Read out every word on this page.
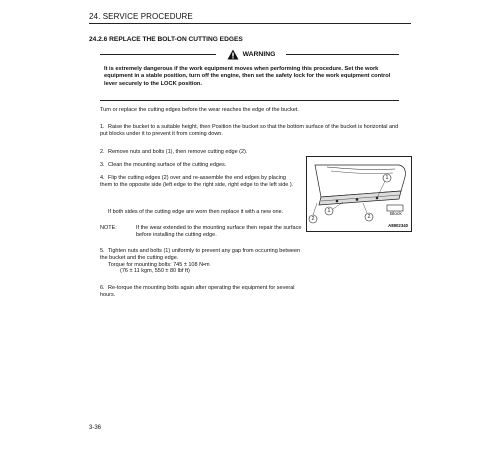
24. SERVICE PROCEDURE
24.2.6 REPLACE THE BOLT-ON CUTTING EDGES
WARNING
It is extremely dangerous if the work equipment moves when performing this procedure. Set the work equipment in a stable position, turn off the engine, then set the safety lock for the work equipment control lever securely to the LOCK position.
Turn or replace the cutting edges before the wear reaches the edge of the bucket.
1. Raise the bucket to a suitable height, then Position the bucket so that the bottom surface of the bucket is horizontal and put blocks under it to prevent it from coming down.
2. Remove nuts and bolts (1), then remove cutting edge (2).
3. Clean the mounting surface of the cutting edges.
4. Flip the cutting edges (2) over and re-assemble the end edges by placing them to the opposite side (left edge to the right side, right edge to the left side ).
If both sides of the cutting edge are worn then replace it with a new one.
NOTE:	If the wear extended to the mounting surface then repair the surface before installing the cutting edge.
5. Tighten nuts and bolts (1) uniformly to prevent any gap from occurring between the bucket and the cutting edge.
Torque for mounting bolts: 745 ± 108 N•m
(76 ± 11 kgm, 550 ± 80 lbf ft)
6. Re-torque the mounting bolts again after operating the equipment for several hours.
1
1
2
2
Block
A8902340
3-36
